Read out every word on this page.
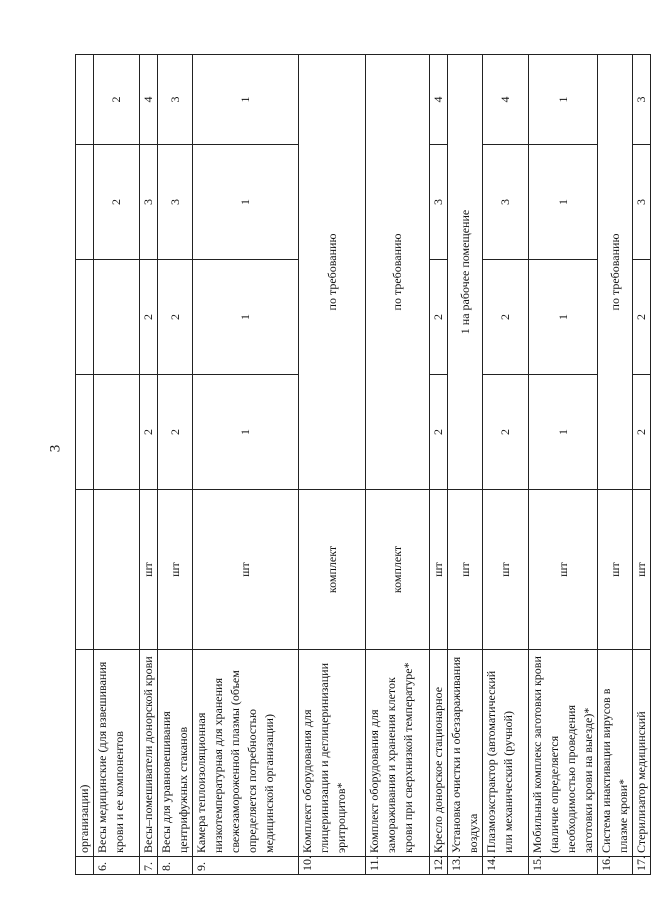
3
	организации)					
6.	Весы медицинские (для взвешивания крови и ее компонентов				2	2
7.	Весы–помешиватели донорской крови	шт	2	2	3	4
8.	Весы для уравновешивания центрифужных стаканов	шт	2	2	3	3
9.	Камера теплоизоляционная низкотемпературная для хранения свежезамороженной плазмы (объем определяется потребностью медицинской организации)	шт	1	1	1	1
10.	Комплект оборудования для глицеринизации и деглицеринизации эритроцитов*	комплект	по требованию			
11.	Комплект оборудования для замораживания и хранения клеток крови при сверхнизкой температуре*	комплект	по требованию			
12.	Кресло донорское стационарное	шт	2	2	3	4
13.	Установка очистки и обеззараживания воздуха	шт	1 на рабочее помещение			
14.	Плазмоэкстрактор (автоматический или механический (ручной)	шт	2	2	3	4
15.	Мобильный комплекс заготовки крови (наличие определяется необходимостью проведения заготовки крови на выезде)*	шт	1	1	1	1
16.	Система инактивации вирусов в плазме крови*	шт	по требованию			
17.	Стерилизатор медицинский	шт	2	2	3	3
